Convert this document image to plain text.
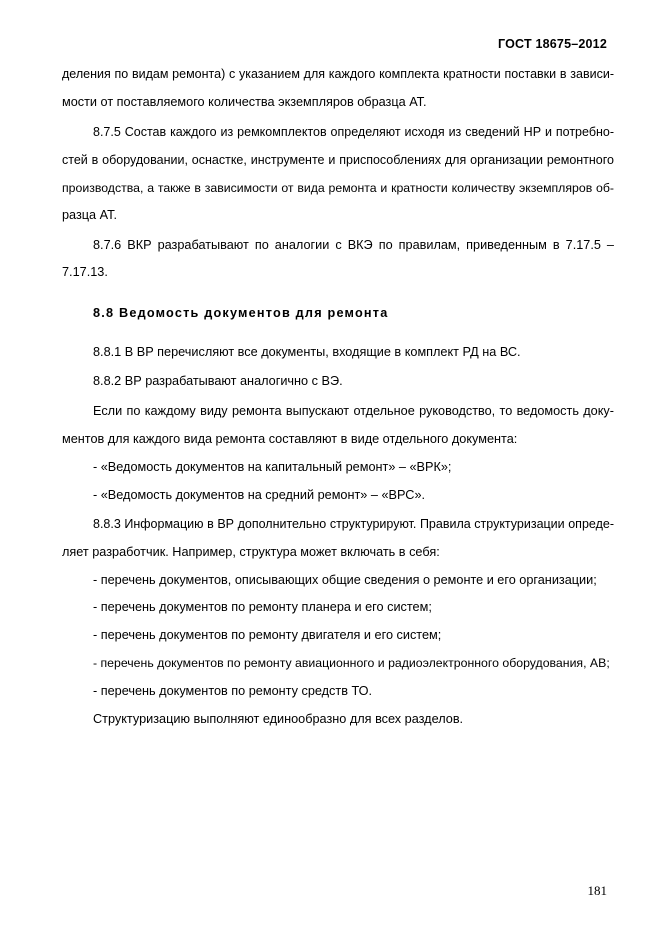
ГОСТ 18675–2012
деления по видам ремонта) с указанием для каждого комплекта кратности поставки в зависи-
мости от поставляемого количества экземпляров образца АТ.
8.7.5 Состав каждого из ремкомплектов определяют исходя из сведений НР и потребно-
стей в оборудовании, оснастке, инструменте и приспособлениях для организации ремонтного
производства, а также в зависимости от вида ремонта и кратности количеству экземпляров об-
разца АТ.
8.7.6 ВКР разрабатывают по аналогии с ВКЭ по правилам, приведенным в 7.17.5 –
7.17.13.
8.8 Ведомость документов для ремонта
8.8.1 В ВР перечисляют все документы, входящие в комплект РД на ВС.
8.8.2 ВР разрабатывают аналогично с ВЭ.
Если по каждому виду ремонта выпускают отдельное руководство, то ведомость доку-
ментов для каждого вида ремонта составляют в виде отдельного документа:
- «Ведомость документов на капитальный ремонт» – «ВРК»;
- «Ведомость документов на средний ремонт» – «ВРС».
8.8.3 Информацию в ВР дополнительно структурируют. Правила структуризации опреде-
ляет разработчик. Например, структура может включать в себя:
- перечень документов, описывающих общие сведения о ремонте и его организации;
- перечень документов по ремонту планера и его систем;
- перечень документов по ремонту двигателя и его систем;
- перечень документов по ремонту авиационного и радиоэлектронного оборудования, АВ;
- перечень документов по ремонту средств ТО.
Структуризацию выполняют единообразно для всех разделов.
181
